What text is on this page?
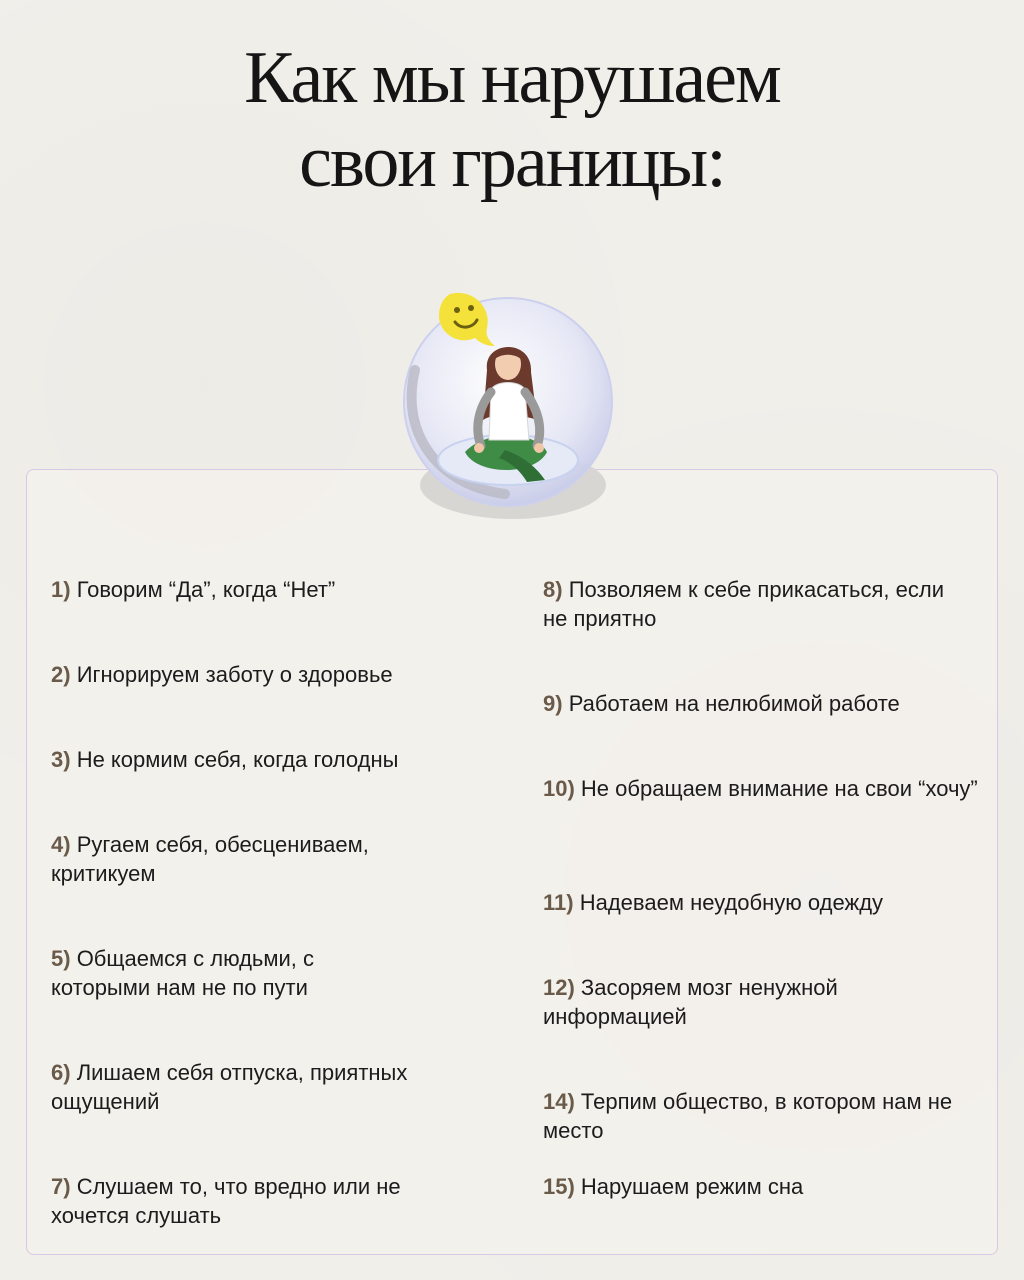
Как мы нарушаем
свои границы:
1) Говорим “Да”, когда “Нет”
2) Игнорируем заботу о здоровье
3) Не кормим себя, когда голодны
4) Ругаем себя, обесцениваем, критикуем
5) Общаемся с людьми, с которыми нам не по пути
6) Лишаем себя отпуска, приятных ощущений
7) Слушаем то, что вредно или не хочется слушать
8) Позволяем к себе прикасаться, если не приятно
9) Работаем на нелюбимой работе
10) Не обращаем внимание на свои “хочу”
11) Надеваем неудобную одежду
12) Засоряем мозг ненужной информацией
14) Терпим общество, в котором нам не место
15) Нарушаем режим сна
